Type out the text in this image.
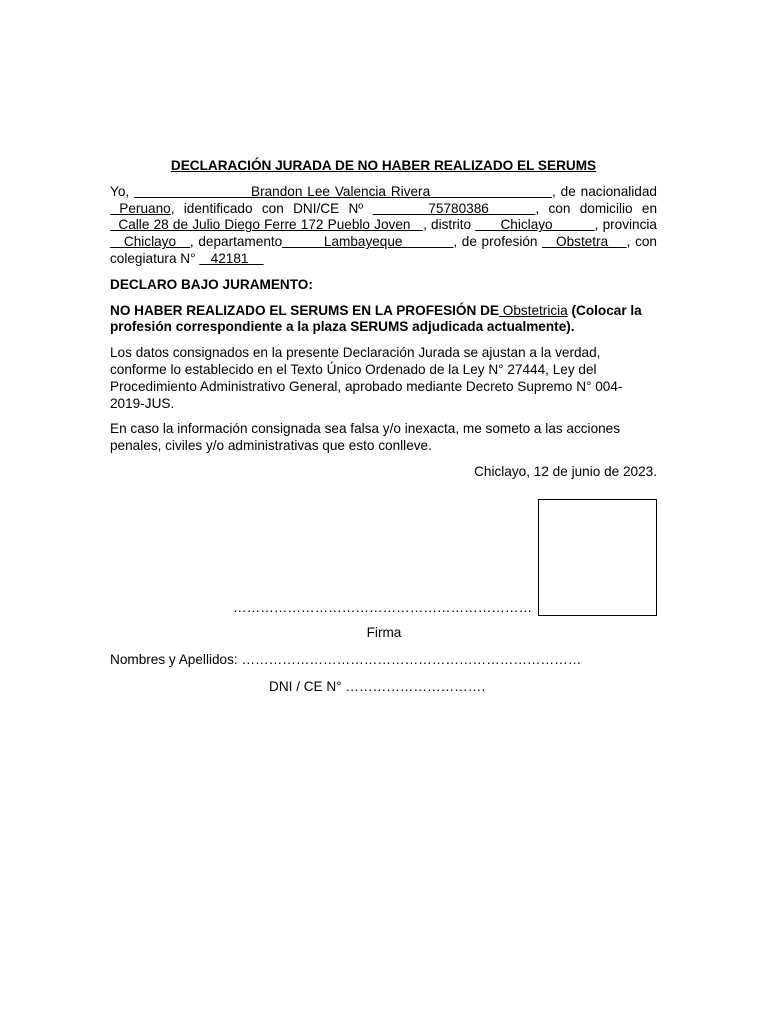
DECLARACIÓN JURADA DE NO HABER REALIZADO EL SERUMS

Yo,                         Brandon Lee Valencia Rivera                         , de nacionalidad  Peruano, identificado con DNI/CE Nº       75780386     , con domicilio en  Calle 28 de Julio Diego Ferre 172 Pueblo Joven   , distrito       Chiclayo          , provincia    Chiclayo   , departamento         Lambayeque           , de profesión    Obstetra    , con colegiatura N°    42181

DECLARO BAJO JURAMENTO:

NO HABER REALIZADO EL SERUMS EN LA PROFESIÓN DE Obstetricia (Colocar la profesión correspondiente a la plaza SERUMS adjudicada actualmente).

Los datos consignados en la presente Declaración Jurada se ajustan a la verdad, conforme lo establecido en el Texto Único Ordenado de la Ley N° 27444, Ley del Procedimiento Administrativo General, aprobado mediante Decreto Supremo N° 004-2019-JUS.

En caso la información consignada sea falsa y/o inexacta, me someto a las acciones penales, civiles y/o administrativas que esto conlleve.

Chiclayo, 12 de junio de 2023.

…………………………………………………………
Firma
Nombres y Apellidos: …………………………………………………………………
DNI / CE N° ………………………….
